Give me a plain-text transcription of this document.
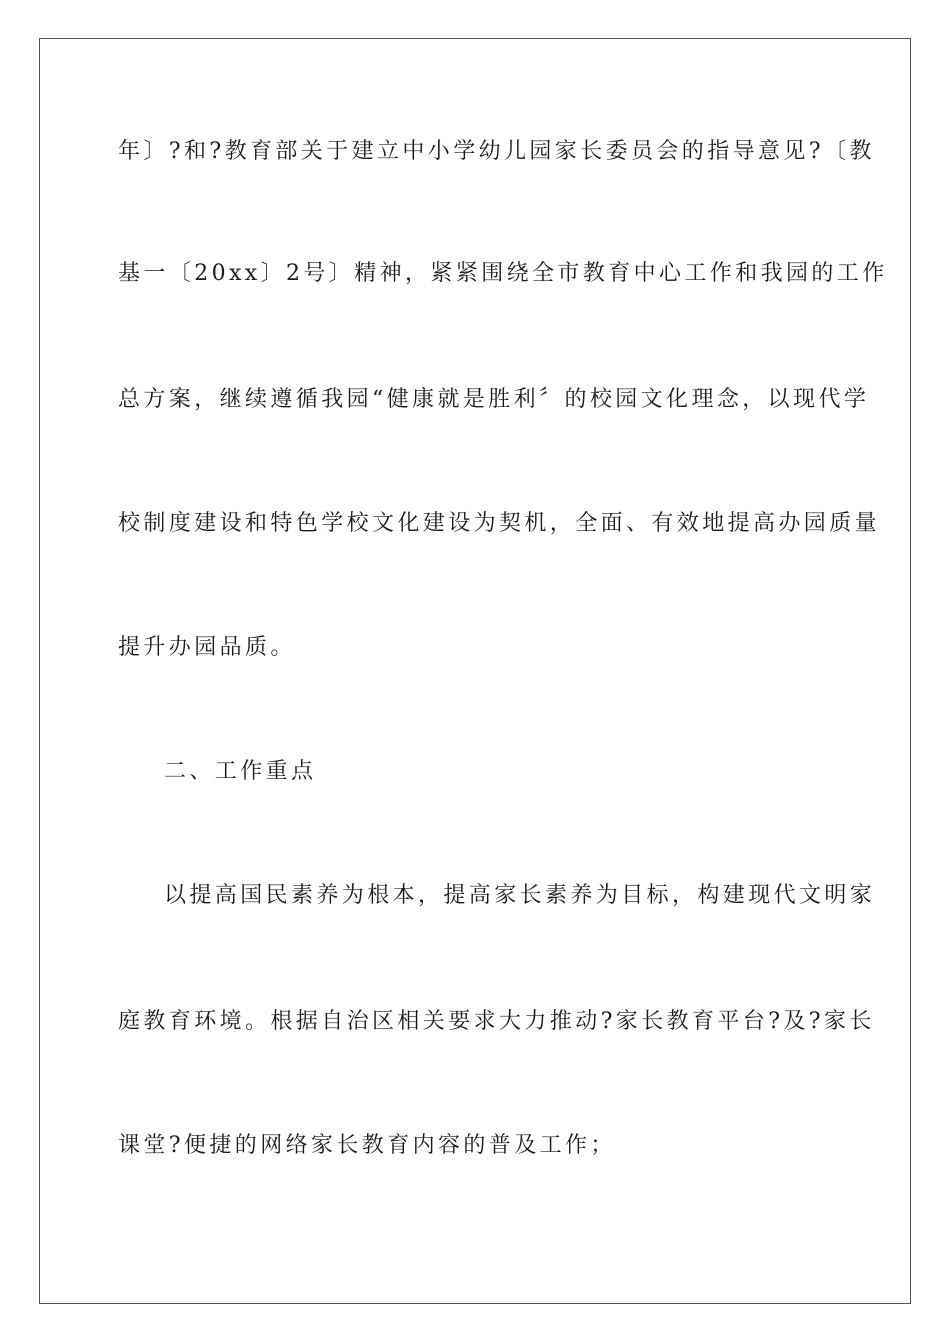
年〕?和?教育部关于建立中小学幼儿园家长委员会的指导意见?〔教
基一〔20xx〕2号〕精神，紧紧围绕全市教育中心工作和我园的工作
总方案，继续遵循我园“健康就是胜利〞的校园文化理念，以现代学
校制度建设和特色学校文化建设为契机，全面、有效地提高办园质量
提升办园品质。
二、工作重点
以提高国民素养为根本，提高家长素养为目标，构建现代文明家
庭教育环境。根据自治区相关要求大力推动?家长教育平台?及?家长
课堂?便捷的网络家长教育内容的普及工作；
